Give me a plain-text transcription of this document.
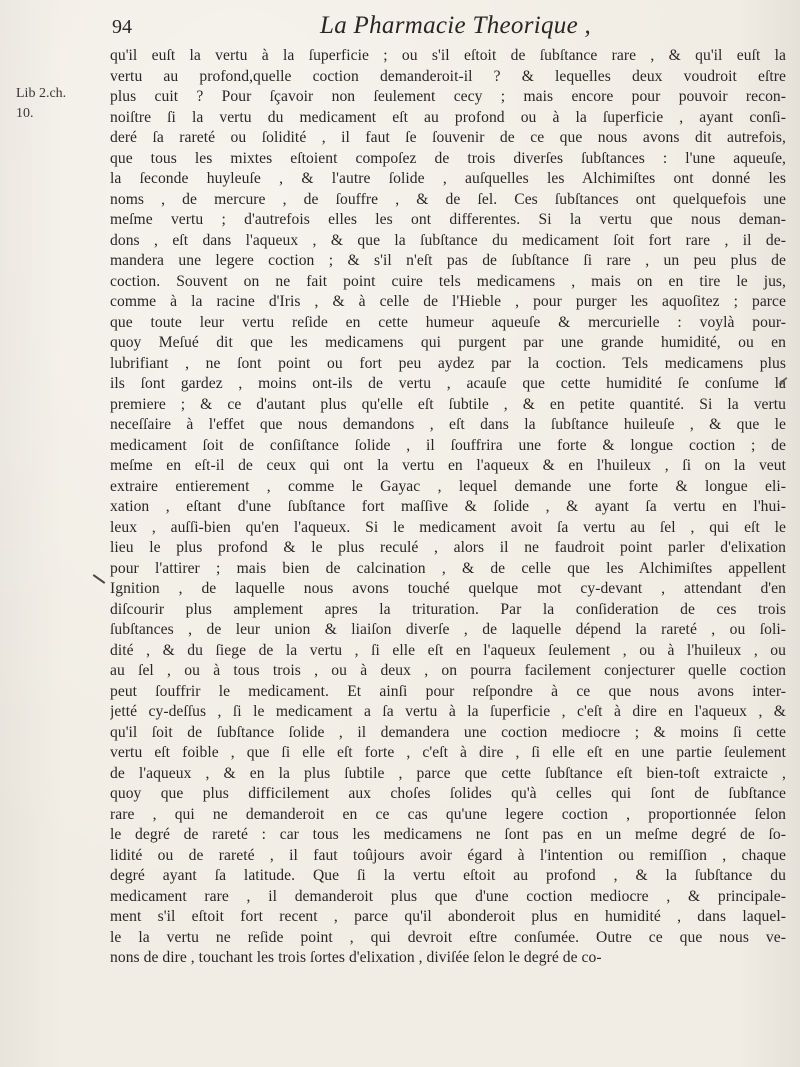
94	La Pharmacie Theorique ,
Lib 2.ch.
10.
qu'il euſt la vertu à la ſuperficie ; ou s'il eſtoit de ſubſtance rare , & qu'il euſt la
vertu au profond,quelle coction demanderoit-il ? & lequelles deux voudroit eſtre
plus cuit ? Pour ſçavoir non ſeulement cecy ; mais encore pour pouvoir recon-
noiſtre ſi la vertu du medicament eſt au profond ou à la ſuperficie , ayant conſi-
deré ſa rareté ou ſolidité , il faut ſe ſouvenir de ce que nous avons dit autrefois,
que tous les mixtes eſtoient compoſez de trois diverſes ſubſtances : l'une aqueuſe,
la ſeconde huyleuſe , & l'autre ſolide , auſquelles les Alchimiſtes ont donné les
noms , de mercure , de ſouffre , & de ſel. Ces ſubſtances ont quelquefois une
meſme vertu ; d'autrefois elles les ont differentes. Si la vertu que nous deman-
dons , eſt dans l'aqueux , & que la ſubſtance du medicament ſoit fort rare , il de-
mandera une legere coction ; & s'il n'eſt pas de ſubſtance ſi rare , un peu plus de
coction. Souvent on ne fait point cuire tels medicamens , mais on en tire le jus,
comme à la racine d'Iris , & à celle de l'Hieble , pour purger les aquoſitez ; parce
que toute leur vertu reſide en cette humeur aqueuſe & mercurielle : voylà pour-
quoy Meſué dit que les medicamens qui purgent par une grande humidité, ou en
lubrifiant , ne ſont point ou fort peu aydez par la coction. Tels medicamens plus
ils ſont gardez , moins ont-ils de vertu , acauſe que cette humidité ſe conſume la
premiere ; & ce d'autant plus qu'elle eſt ſubtile , & en petite quantité. Si la vertu
neceſſaire à l'effet que nous demandons , eſt dans la ſubſtance huileuſe , & que le
medicament ſoit de conſiſtance ſolide , il ſouffrira une forte & longue coction ; de
meſme en eſt-il de ceux qui ont la vertu en l'aqueux & en l'huileux , ſi on la veut
extraire entierement , comme le Gayac , lequel demande une forte & longue eli-
xation , eſtant d'une ſubſtance fort maſſive & ſolide , & ayant ſa vertu en l'hui-
leux , auſſi-bien qu'en l'aqueux. Si le medicament avoit ſa vertu au ſel , qui eſt le
lieu le plus profond & le plus reculé , alors il ne faudroit point parler d'elixation
pour l'attirer ; mais bien de calcination , & de celle que les Alchimiſtes appellent
Ignition , de laquelle nous avons touché quelque mot cy-devant , attendant d'en
diſcourir plus amplement apres la trituration. Par la conſideration de ces trois
ſubſtances , de leur union & liaiſon diverſe , de laquelle dépend la rareté , ou ſoli-
dité , & du ſiege de la vertu , ſi elle eſt en l'aqueux ſeulement , ou à l'huileux , ou
au ſel , ou à tous trois , ou à deux , on pourra facilement conjecturer quelle coction
peut ſouffrir le medicament. Et ainſi pour reſpondre à ce que nous avons inter-
jetté cy-deſſus , ſi le medicament a ſa vertu à la ſuperficie , c'eſt à dire en l'aqueux , &
qu'il ſoit de ſubſtance ſolide , il demandera une coction mediocre ; & moins ſi cette
vertu eſt foible , que ſi elle eſt forte , c'eſt à dire , ſi elle eſt en une partie ſeulement
de l'aqueux , & en la plus ſubtile , parce que cette ſubſtance eſt bien-toſt extraicte ,
quoy que plus difficilement aux choſes ſolides qu'à celles qui ſont de ſubſtance
rare , qui ne demanderoit en ce cas qu'une legere coction , proportionnée ſelon
le degré de rareté : car tous les medicamens ne ſont pas en un meſme degré de ſo-
lidité ou de rareté , il faut toûjours avoir égard à l'intention ou remiſſion , chaque
degré ayant ſa latitude. Que ſi la vertu eſtoit au profond , & la ſubſtance du
medicament rare , il demanderoit plus que d'une coction mediocre , & principale-
ment s'il eſtoit fort recent , parce qu'il abonderoit plus en humidité , dans laquel-
le la vertu ne reſide point , qui devroit eſtre conſumée. Outre ce que nous ve-
nons de dire , touchant les trois ſortes d'elixation , diviſée ſelon le degré de co-
